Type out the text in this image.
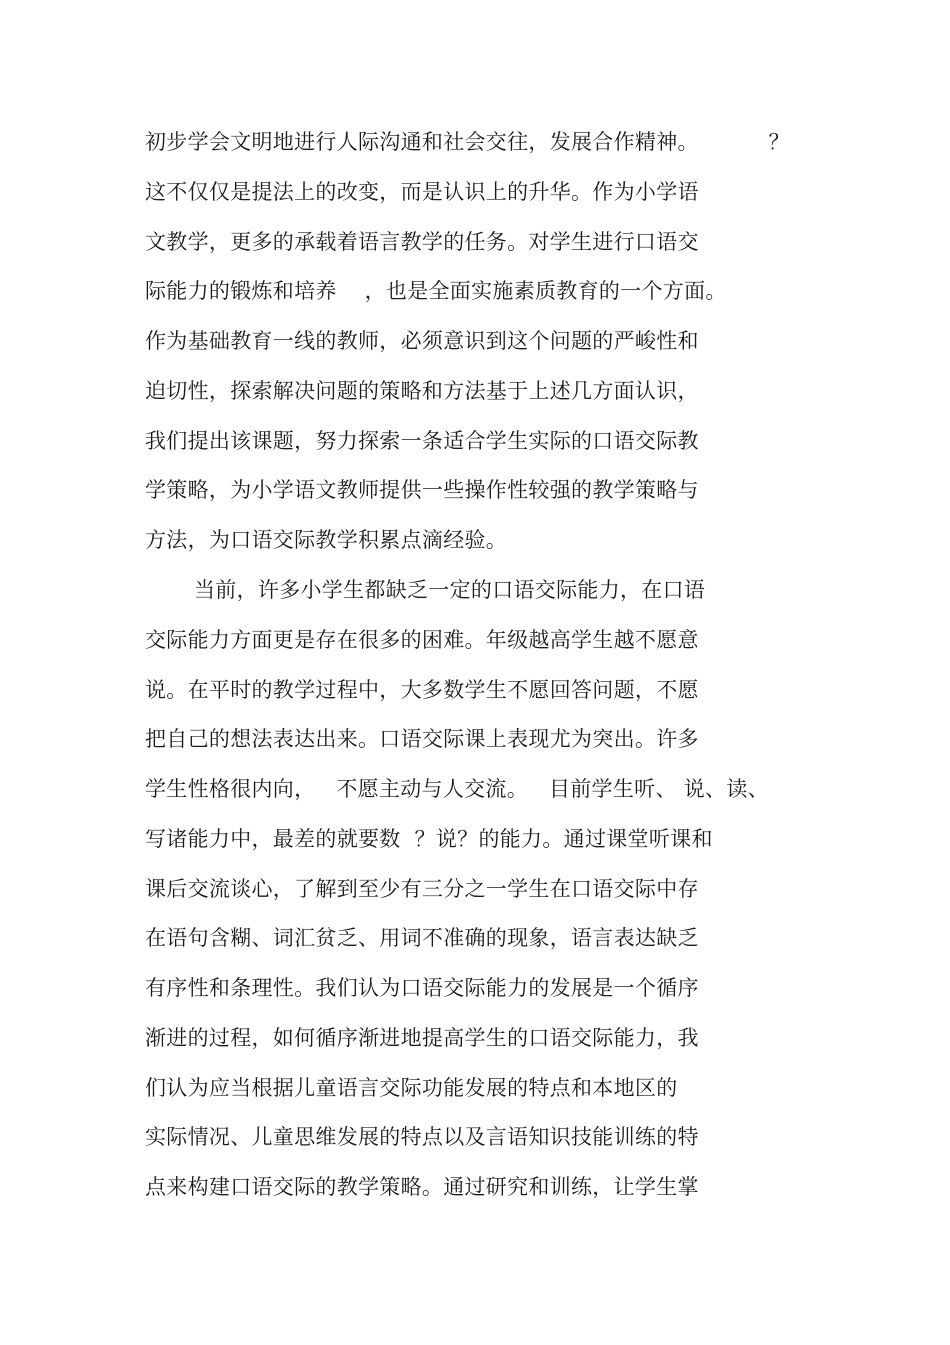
初步学会文明地进行人际沟通和社会交往，发展合作精神。          ？
这不仅仅是提法上的改变，而是认识上的升华。作为小学语
文教学，更多的承载着语言教学的任务。对学生进行口语交
际能力的锻炼和培养    ，也是全面实施素质教育的一个方面。
作为基础教育一线的教师，必须意识到这个问题的严峻性和
迫切性，探索解决问题的策略和方法基于上述几方面认识，
我们提出该课题，努力探索一条适合学生实际的口语交际教
学策略，为小学语文教师提供一些操作性较强的教学策略与
方法，为口语交际教学积累点滴经验。
当前，许多小学生都缺乏一定的口语交际能力，在口语
交际能力方面更是存在很多的困难。年级越高学生越不愿意
说。在平时的教学过程中，大多数学生不愿回答问题，不愿
把自己的想法表达出来。口语交际课上表现尤为突出。许多
学生性格很内向，   不愿主动与人交流。   目前学生听、 说、读、
写诸能力中，最差的就要数  ？说？的能力。通过课堂听课和
课后交流谈心，了解到至少有三分之一学生在口语交际中存
在语句含糊、词汇贫乏、用词不准确的现象，语言表达缺乏
有序性和条理性。我们认为口语交际能力的发展是一个循序
渐进的过程，如何循序渐进地提高学生的口语交际能力，我
们认为应当根据儿童语言交际功能发展的特点和本地区的
实际情况、儿童思维发展的特点以及言语知识技能训练的特
点来构建口语交际的教学策略。通过研究和训练，让学生掌
